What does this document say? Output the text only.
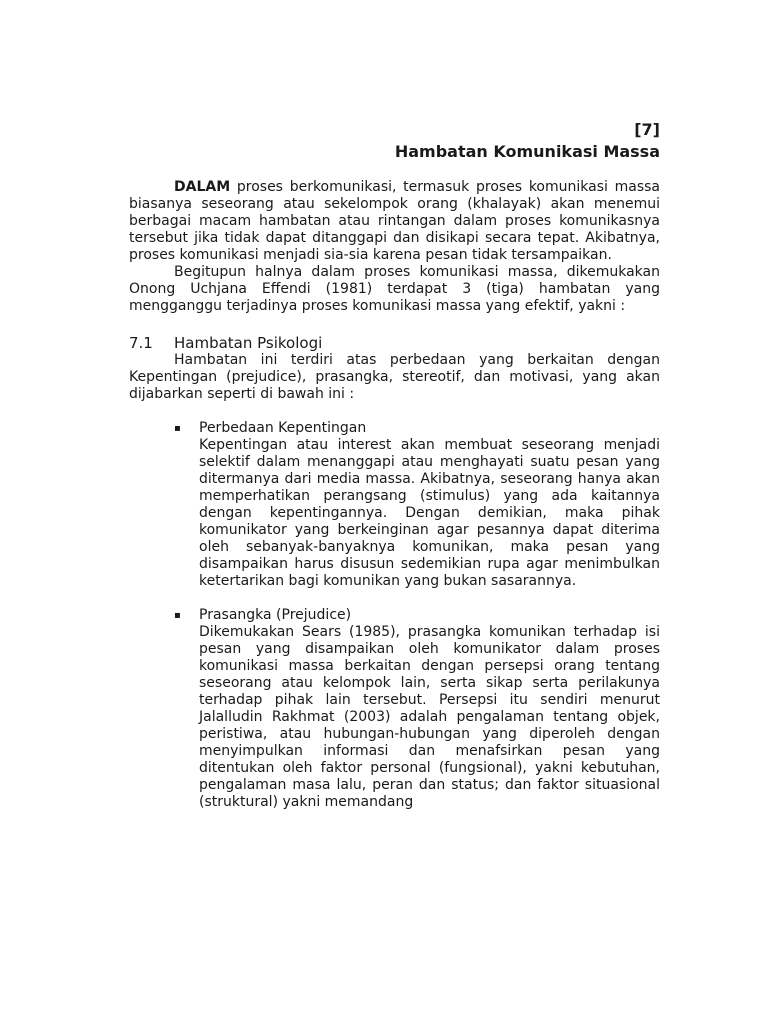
[7]
Hambatan Komunikasi Massa

DALAM proses berkomunikasi, termasuk proses komunikasi massa biasanya seseorang atau sekelompok orang (khalayak) akan menemui berbagai macam hambatan atau rintangan dalam proses komunikasnya tersebut jika tidak dapat ditanggapi dan disikapi secara tepat. Akibatnya, proses komunikasi menjadi sia-sia karena pesan tidak tersampaikan.

Begitupun halnya dalam proses komunikasi massa, dikemukakan Onong Uchjana Effendi (1981) terdapat 3 (tiga) hambatan yang mengganggu terjadinya proses komunikasi massa yang efektif, yakni :

7.1	Hambatan Psikologi

Hambatan ini terdiri atas perbedaan yang berkaitan dengan Kepentingan (prejudice), prasangka, stereotif, dan motivasi, yang akan dijabarkan seperti di bawah ini :

▪ Perbedaan Kepentingan

Kepentingan atau interest akan membuat seseorang menjadi selektif dalam menanggapi atau menghayati suatu pesan yang ditermanya dari media massa. Akibatnya, seseorang hanya akan memperhatikan perangsang (stimulus) yang ada kaitannya dengan kepentingannya. Dengan demikian, maka pihak komunikator yang berkeinginan agar pesannya dapat diterima oleh sebanyak-banyaknya komunikan, maka pesan yang disampaikan harus disusun sedemikian rupa agar menimbulkan ketertarikan bagi komunikan yang bukan sasarannya.

▪ Prasangka (Prejudice)

Dikemukakan Sears (1985), prasangka komunikan terhadap isi pesan yang disampaikan oleh komunikator dalam proses komunikasi massa berkaitan dengan persepsi orang tentang seseorang atau kelompok lain, serta sikap serta perilakunya terhadap pihak lain tersebut. Persepsi itu sendiri menurut Jalalludin Rakhmat (2003) adalah pengalaman tentang objek, peristiwa, atau hubungan-hubungan yang diperoleh dengan menyimpulkan informasi dan menafsirkan pesan yang ditentukan oleh faktor personal (fungsional), yakni kebutuhan, pengalaman masa lalu, peran dan status; dan faktor situasional (struktural) yakni memandang
